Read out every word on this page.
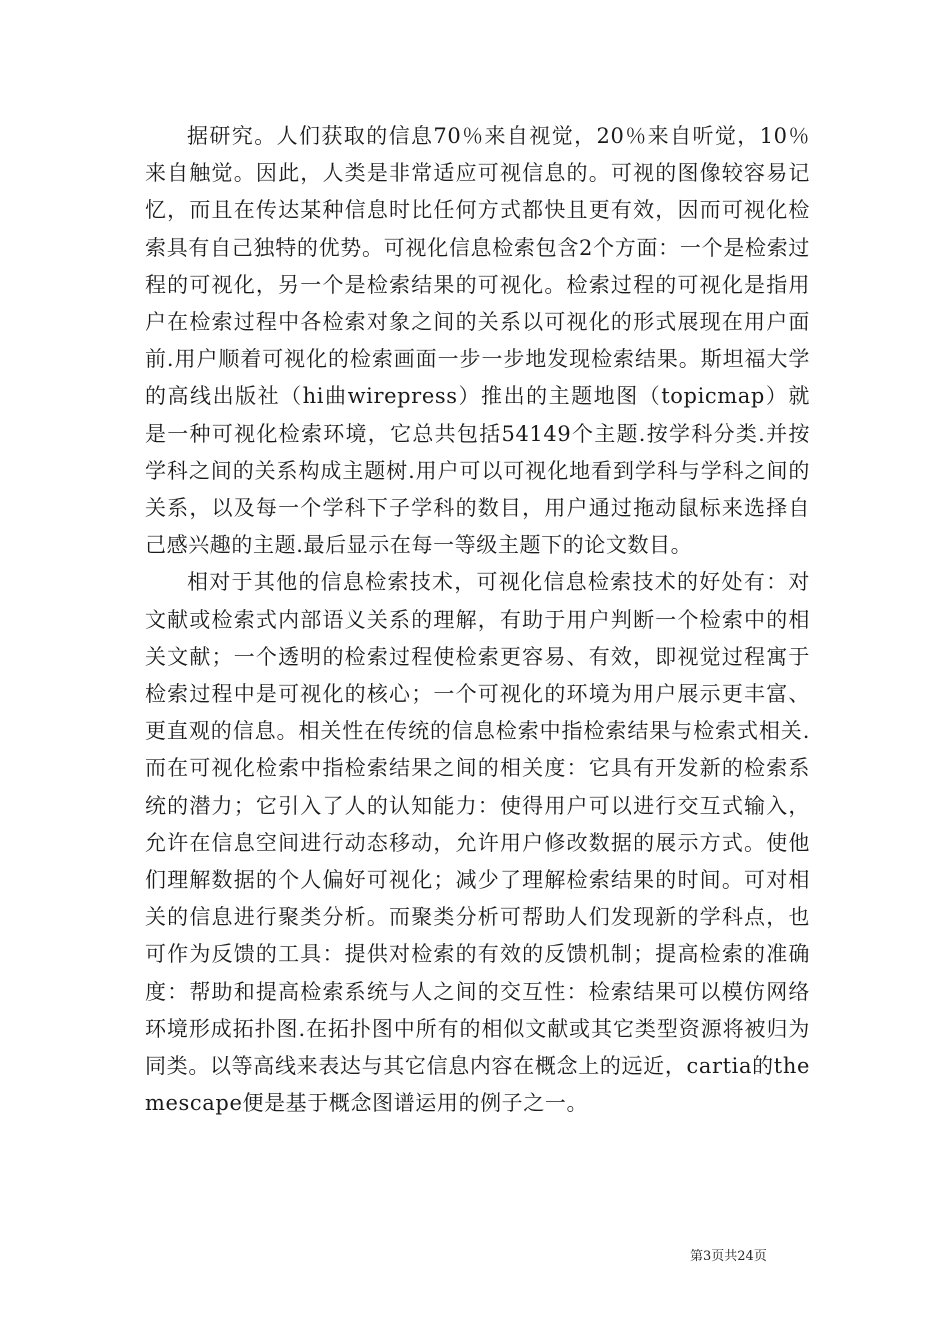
据研究。人们获取的信息70％来自视觉，20％来自听觉，10％来自触觉。因此，人类是非常适应可视信息的。可视的图像较容易记忆，而且在传达某种信息时比任何方式都快且更有效，因而可视化检索具有自己独特的优势。可视化信息检索包含2个方面：一个是检索过程的可视化，另一个是检索结果的可视化。检索过程的可视化是指用户在检索过程中各检索对象之间的关系以可视化的形式展现在用户面前.用户顺着可视化的检索画面一步一步地发现检索结果。斯坦福大学的高线出版社（hi曲wirepress）推出的主题地图（topicmap）就是一种可视化检索环境，它总共包括54149个主题.按学科分类.并按学科之间的关系构成主题树.用户可以可视化地看到学科与学科之间的关系，以及每一个学科下子学科的数目，用户通过拖动鼠标来选择自己感兴趣的主题.最后显示在每一等级主题下的论文数目。

相对于其他的信息检索技术，可视化信息检索技术的好处有：对文献或检索式内部语义关系的理解，有助于用户判断一个检索中的相关文献；一个透明的检索过程使检索更容易、有效，即视觉过程寓于检索过程中是可视化的核心；一个可视化的环境为用户展示更丰富、更直观的信息。相关性在传统的信息检索中指检索结果与检索式相关.而在可视化检索中指检索结果之间的相关度：它具有开发新的检索系统的潜力；它引入了人的认知能力：使得用户可以进行交互式输入，允许在信息空间进行动态移动，允许用户修改数据的展示方式。使他们理解数据的个人偏好可视化；减少了理解检索结果的时间。可对相关的信息进行聚类分析。而聚类分析可帮助人们发现新的学科点，也可作为反馈的工具：提供对检索的有效的反馈机制；提高检索的准确度：帮助和提高检索系统与人之间的交互性：检索结果可以模仿网络环境形成拓扑图.在拓扑图中所有的相似文献或其它类型资源将被归为同类。以等高线来表达与其它信息内容在概念上的远近，cartia的themescape便是基于概念图谱运用的例子之一。

第3页共24页
